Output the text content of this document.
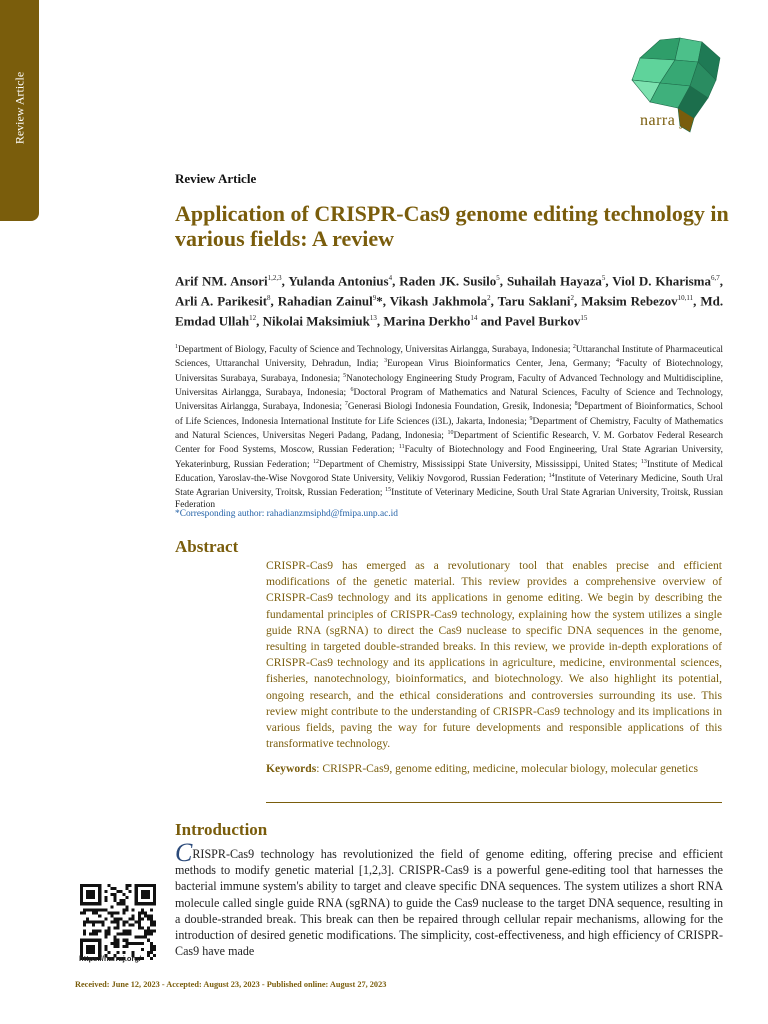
Review Article	narra j
Review Article
Application of CRISPR-Cas9 genome editing technology in various fields: A review

Arif NM. Ansori$^{1,2,3}$, Yulanda Antonius$^4$, Raden JK. Susilo$^5$, Suhailah Hayaza$^5$, Viol D. Kharisma$^{6,7}$, Arli A. Parikesit$^8$, Rahadian Zainul$^9$*, Vikash Jakhmola$^2$, Taru Saklani$^2$, Maksim Rebezov$^{10,11}$, Md. Emdad Ullah$^{12}$, Nikolai Maksimiuk$^{13}$, Marina Derkho$^{14}$ and Pavel Burkov$^{15}$

$^1$Department of Biology, Faculty of Science and Technology, Universitas Airlangga, Surabaya, Indonesia; $^2$Uttaranchal Institute of Pharmaceutical Sciences, Uttaranchal University, Dehradun, India; $^3$European Virus Bioinformatics Center, Jena, Germany; $^4$Faculty of Biotechnology, Universitas Surabaya, Surabaya, Indonesia; $^5$Nanotechology Engineering Study Program, Faculty of Advanced Technology and Multidiscipline, Universitas Airlangga, Surabaya, Indonesia; $^6$Doctoral Program of Mathematics and Natural Sciences, Faculty of Science and Technology, Universitas Airlangga, Surabaya, Indonesia; $^7$Generasi Biologi Indonesia Foundation, Gresik, Indonesia; $^8$Department of Bioinformatics, School of Life Sciences, Indonesia International Institute for Life Sciences (i3L), Jakarta, Indonesia; $^9$Department of Chemistry, Faculty of Mathematics and Natural Sciences, Universitas Negeri Padang, Padang, Indonesia; $^{10}$Department of Scientific Research, V. M. Gorbatov Federal Research Center for Food Systems, Moscow, Russian Federation; $^{11}$Faculty of Biotechnology and Food Engineering, Ural State Agrarian University, Yekaterinburg, Russian Federation; $^{12}$Department of Chemistry, Mississippi State University, Mississippi, United States; $^{13}$Institute of Medical Education, Yaroslav-the-Wise Novgorod State University, Velikiy Novgorod, Russian Federation; $^{14}$Institute of Veterinary Medicine, South Ural State Agrarian University, Troitsk, Russian Federation; $^{15}$Institute of Veterinary Medicine, South Ural State Agrarian University, Troitsk, Russian Federation

*Corresponding author: rahadianzmsiphd@fmipa.unp.ac.id
Abstract

CRISPR-Cas9 has emerged as a revolutionary tool that enables precise and efficient modifications of the genetic material. This review provides a comprehensive overview of CRISPR-Cas9 technology and its applications in genome editing. We begin by describing the fundamental principles of CRISPR-Cas9 technology, explaining how the system utilizes a single guide RNA (sgRNA) to direct the Cas9 nuclease to specific DNA sequences in the genome, resulting in targeted double-stranded breaks. In this review, we provide in-depth explorations of CRISPR-Cas9 technology and its applications in agriculture, medicine, environmental sciences, fisheries, nanotechnology, bioinformatics, and biotechnology. We also highlight its potential, ongoing research, and the ethical considerations and controversies surrounding its use. This review might contribute to the understanding of CRISPR-Cas9 technology and its implications in various fields, paving the way for future developments and responsible applications of this transformative technology.

Keywords: CRISPR-Cas9, genome editing, medicine, molecular biology, molecular genetics
Introduction

CRISPR-Cas9 technology has revolutionized the field of genome editing, offering precise and efficient methods to modify genetic material [1,2,3]. CRISPR-Cas9 is a powerful gene-editing tool that harnesses the bacterial immune system's ability to target and cleave specific DNA sequences. The system utilizes a short RNA molecule called single guide RNA (sgRNA) to guide the Cas9 nuclease to the target DNA sequence, resulting in a double-stranded break. This break can then be repaired through cellular repair mechanisms, allowing for the introduction of desired genetic modifications. The simplicity, cost-effectiveness, and high efficiency of CRISPR-Cas9 have made

https://narraj.org/
Received: June 12, 2023 - Accepted: August 23, 2023 - Published online: August 27, 2023
